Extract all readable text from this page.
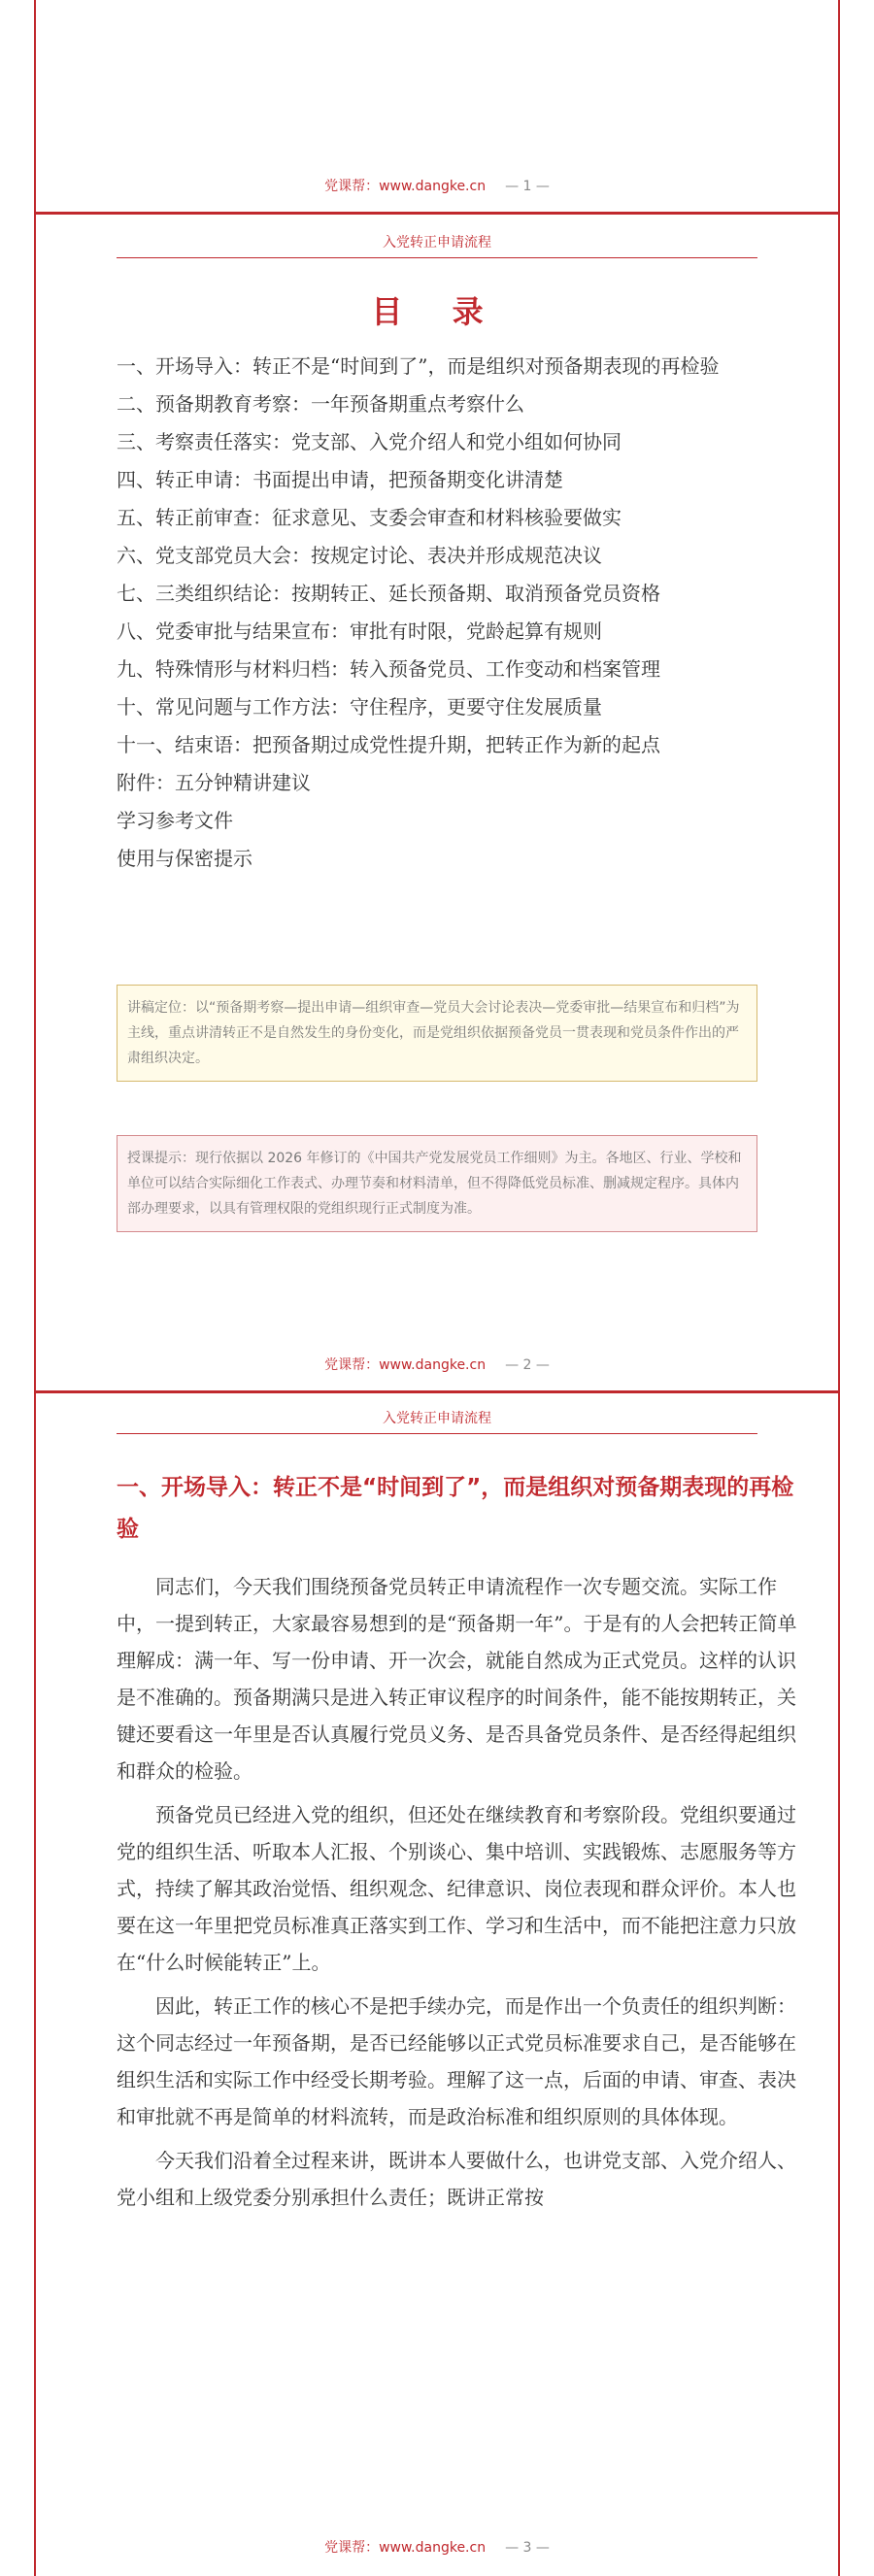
党课帮：www.dangke.cn — 1 —
入党转正申请流程
目 录
一、开场导入：转正不是“时间到了”，而是组织对预备期表现的再检验
二、预备期教育考察：一年预备期重点考察什么
三、考察责任落实：党支部、入党介绍人和党小组如何协同
四、转正申请：书面提出申请，把预备期变化讲清楚
五、转正前审查：征求意见、支委会审查和材料核验要做实
六、党支部党员大会：按规定讨论、表决并形成规范决议
七、三类组织结论：按期转正、延长预备期、取消预备党员资格
八、党委审批与结果宣布：审批有时限，党龄起算有规则
九、特殊情形与材料归档：转入预备党员、工作变动和档案管理
十、常见问题与工作方法：守住程序，更要守住发展质量
十一、结束语：把预备期过成党性提升期，把转正作为新的起点
附件：五分钟精讲建议
学习参考文件
使用与保密提示
讲稿定位：以“预备期考察—提出申请—组织审查—党员大会讨论表决—党委审批—结果宣布和归档”为主线，重点讲清转正不是自然发生的身份变化，而是党组织依据预备党员一贯表现和党员条件作出的严肃组织决定。
授课提示：现行依据以 2026 年修订的《中国共产党发展党员工作细则》为主。各地区、行业、学校和单位可以结合实际细化工作表式、办理节奏和材料清单，但不得降低党员标准、删减规定程序。具体内部办理要求，以具有管理权限的党组织现行正式制度为准。
党课帮：www.dangke.cn — 2 —
入党转正申请流程
一、开场导入：转正不是“时间到了”，而是组织对预备期表现的再检验

同志们，今天我们围绕预备党员转正申请流程作一次专题交流。实际工作中，一提到转正，大家最容易想到的是“预备期一年”。于是有的人会把转正简单理解成：满一年、写一份申请、开一次会，就能自然成为正式党员。这样的认识是不准确的。预备期满只是进入转正审议程序的时间条件，能不能按期转正，关键还要看这一年里是否认真履行党员义务、是否具备党员条件、是否经得起组织和群众的检验。

预备党员已经进入党的组织，但还处在继续教育和考察阶段。党组织要通过党的组织生活、听取本人汇报、个别谈心、集中培训、实践锻炼、志愿服务等方式，持续了解其政治觉悟、组织观念、纪律意识、岗位表现和群众评价。本人也要在这一年里把党员标准真正落实到工作、学习和生活中，而不能把注意力只放在“什么时候能转正”上。

因此，转正工作的核心不是把手续办完，而是作出一个负责任的组织判断：这个同志经过一年预备期，是否已经能够以正式党员标准要求自己，是否能够在组织生活和实际工作中经受长期考验。理解了这一点，后面的申请、审查、表决和审批就不再是简单的材料流转，而是政治标准和组织原则的具体体现。

今天我们沿着全过程来讲，既讲本人要做什么，也讲党支部、入党介绍人、党小组和上级党委分别承担什么责任；既讲正常按

党课帮：www.dangke.cn — 3 —
